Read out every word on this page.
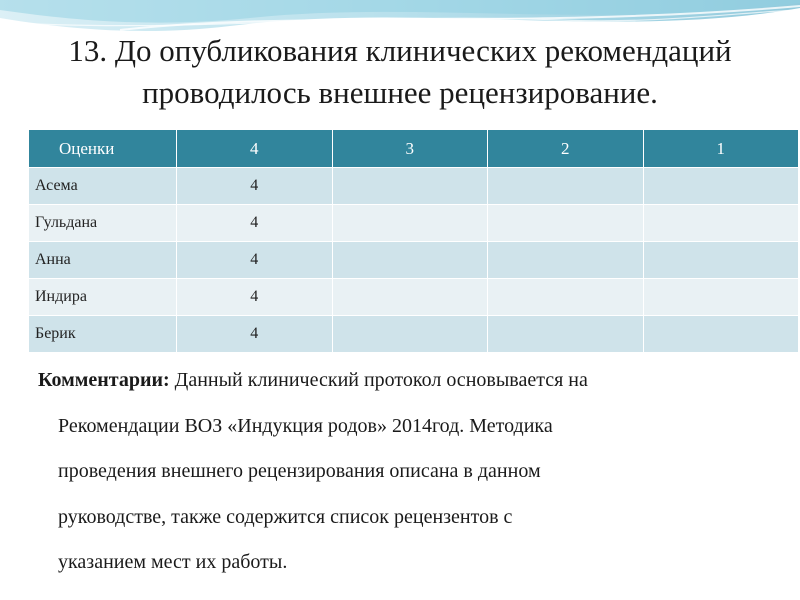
13. До опубликования клинических рекомендаций
проводилось внешнее рецензирование.
Оценки	4	3	2	1
Асема	4			
Гульдана	4			
Анна	4			
Индира	4			
Берик	4			
Комментарии: Данный клинический протокол основывается на
Рекомендации ВОЗ «Индукция родов» 2014год. Методика
проведения внешнего рецензирования описана в данном
руководстве, также содержится список рецензентов с
указанием мест их работы.
